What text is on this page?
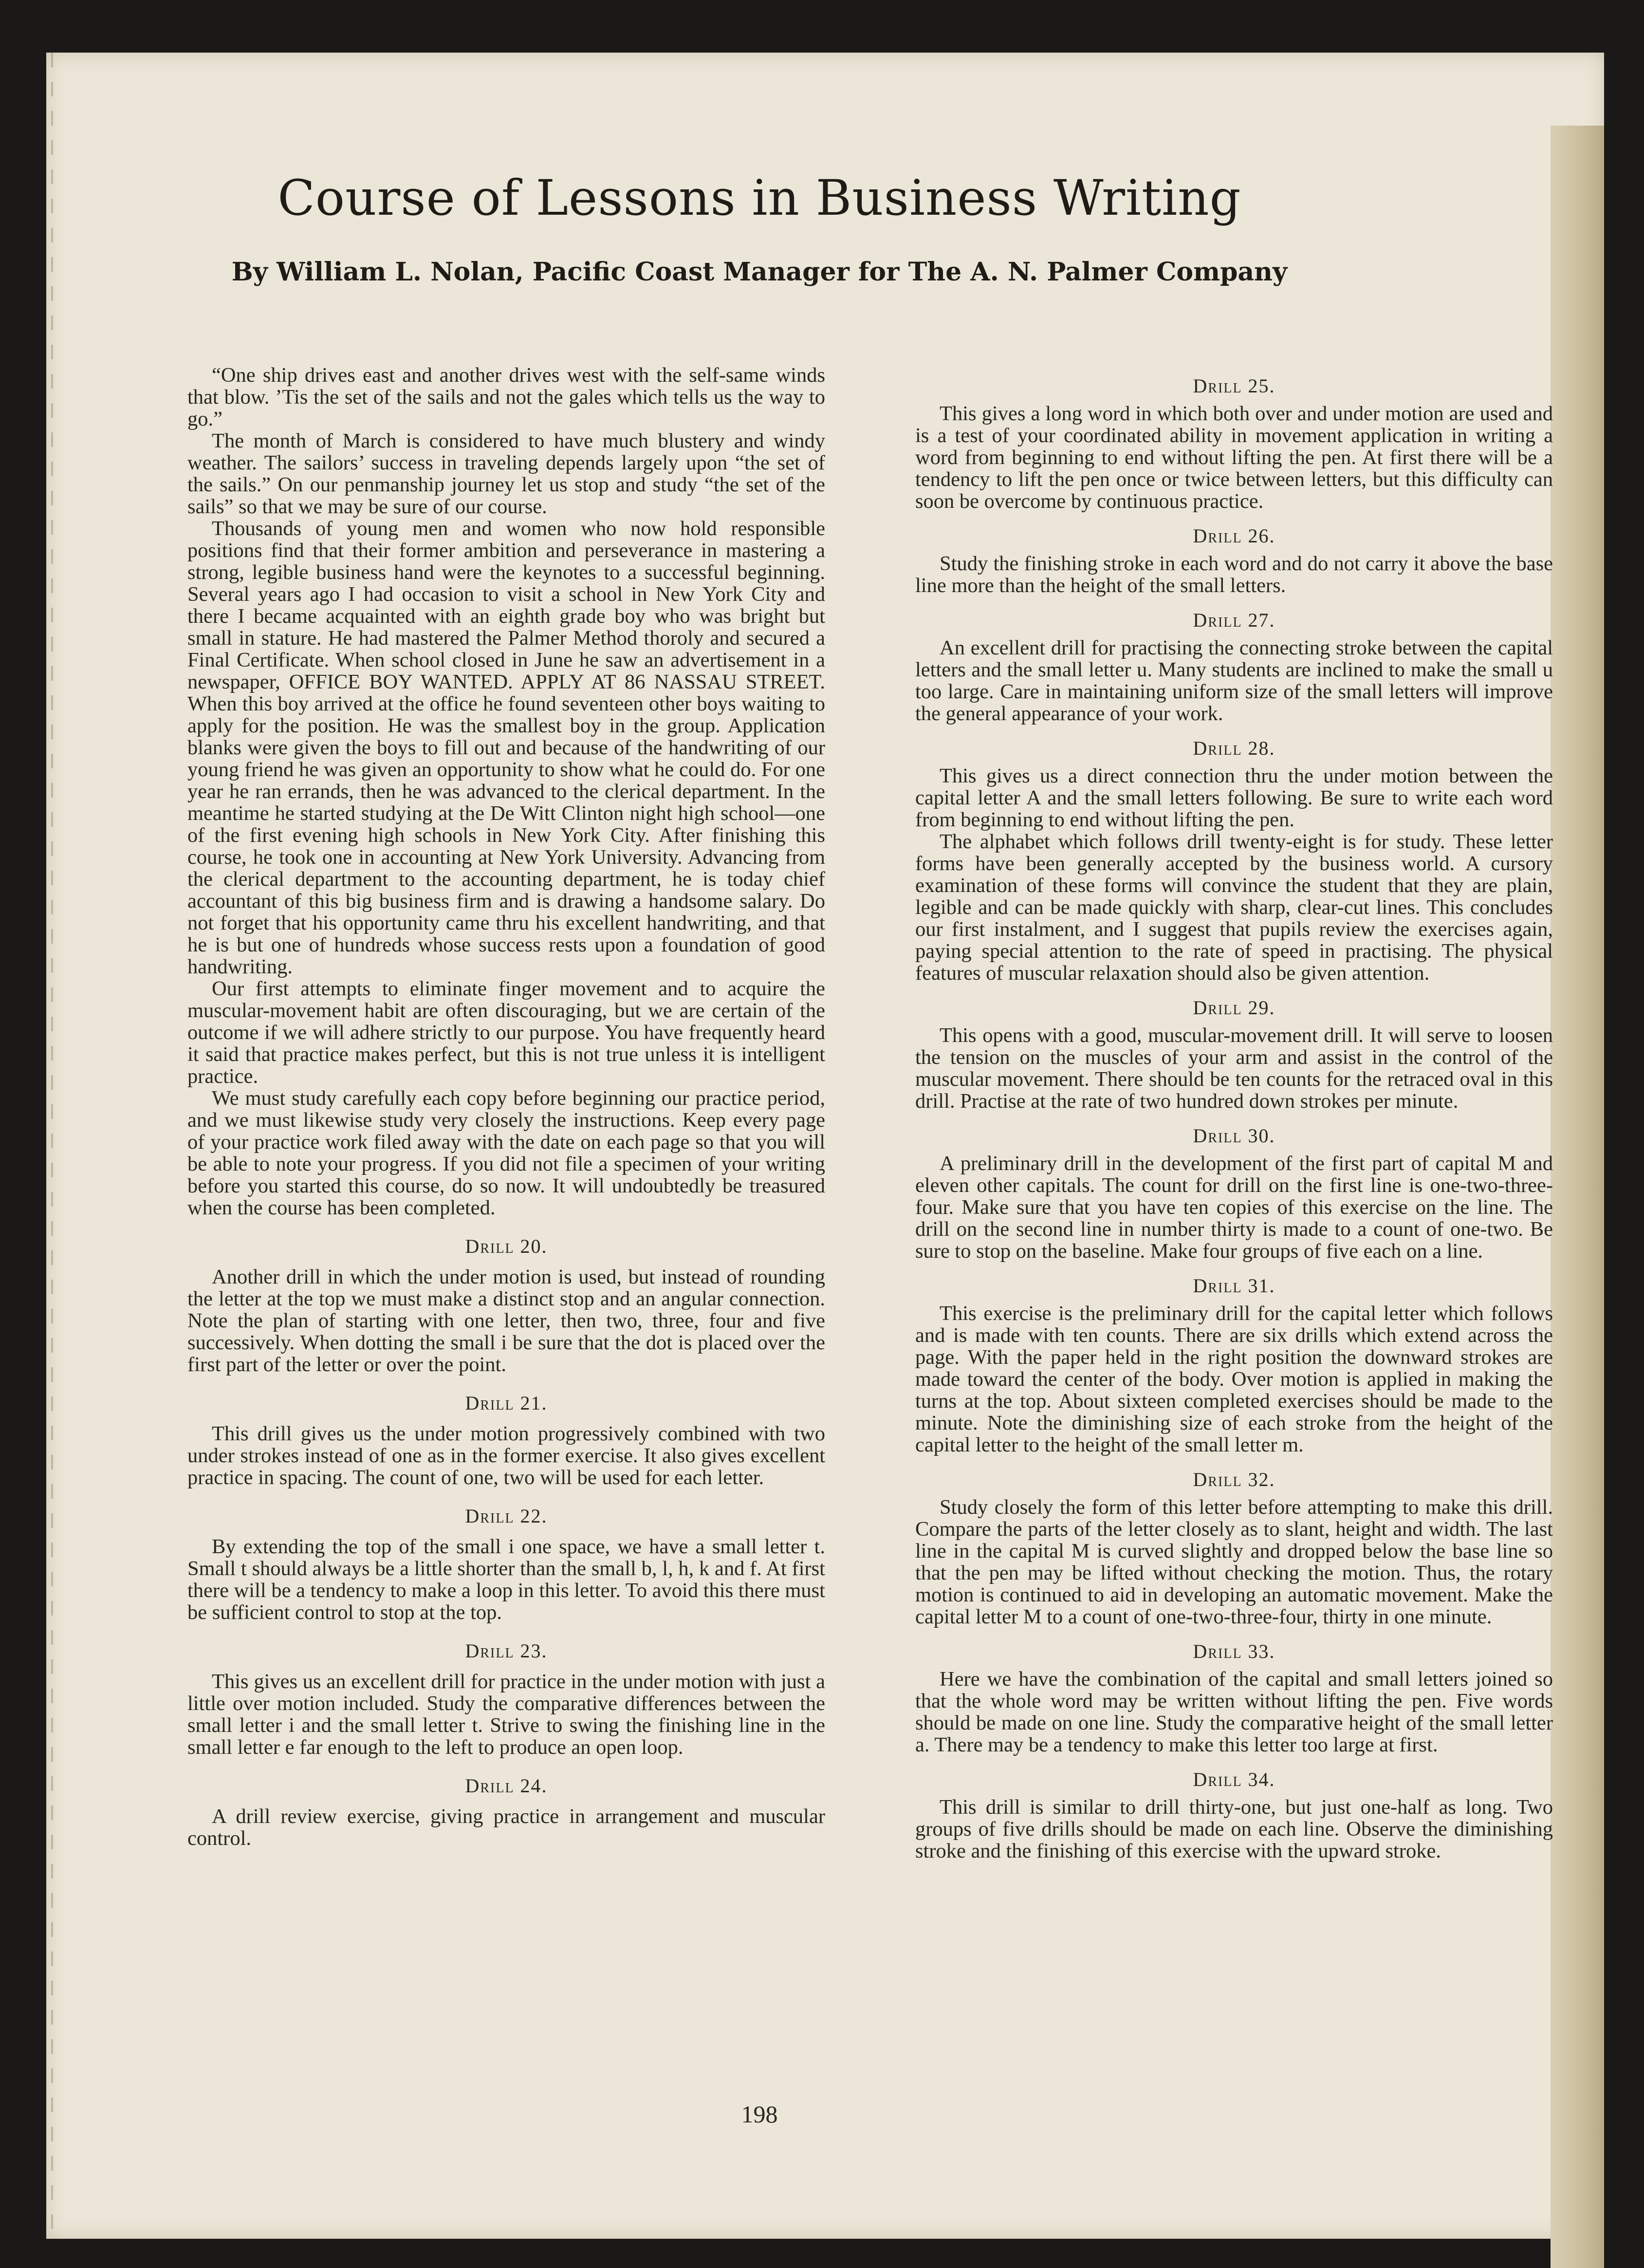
Course of Lessons in Business Writing
By William L. Nolan, Pacific Coast Manager for The A. N. Palmer Company

“One ship drives east and another drives west with the self-same winds that blow. ’Tis the set of the sails and not the gales which tells us the way to go.”

The month of March is considered to have much blustery and windy weather. The sailors’ success in traveling depends largely upon “the set of the sails.” On our penmanship journey let us stop and study “the set of the sails” so that we may be sure of our course.

Thousands of young men and women who now hold responsible positions find that their former ambition and perseverance in mastering a strong, legible business hand were the keynotes to a successful beginning. Several years ago I had occasion to visit a school in New York City and there I became acquainted with an eighth grade boy who was bright but small in stature. He had mastered the Palmer Method thoroly and secured a Final Certificate. When school closed in June he saw an advertisement in a newspaper, OFFICE BOY WANTED. APPLY AT 86 NASSAU STREET. When this boy arrived at the office he found seventeen other boys waiting to apply for the position. He was the smallest boy in the group. Application blanks were given the boys to fill out and because of the handwriting of our young friend he was given an opportunity to show what he could do. For one year he ran errands, then he was advanced to the clerical department. In the meantime he started studying at the De Witt Clinton night high school—one of the first evening high schools in New York City. After finishing this course, he took one in accounting at New York University. Advancing from the clerical department to the accounting department, he is today chief accountant of this big business firm and is drawing a handsome salary. Do not forget that his opportunity came thru his excellent handwriting, and that he is but one of hundreds whose success rests upon a foundation of good handwriting.

Our first attempts to eliminate finger movement and to acquire the muscular-movement habit are often discouraging, but we are certain of the outcome if we will adhere strictly to our purpose. You have frequently heard it said that practice makes perfect, but this is not true unless it is intelligent practice.

We must study carefully each copy before beginning our practice period, and we must likewise study very closely the instructions. Keep every page of your practice work filed away with the date on each page so that you will be able to note your progress. If you did not file a specimen of your writing before you started this course, do so now. It will undoubtedly be treasured when the course has been completed.

Drill 20.

Another drill in which the under motion is used, but instead of rounding the letter at the top we must make a distinct stop and an angular connection. Note the plan of starting with one letter, then two, three, four and five successively. When dotting the small i be sure that the dot is placed over the first part of the letter or over the point.

Drill 21.

This drill gives us the under motion progressively combined with two under strokes instead of one as in the former exercise. It also gives excellent practice in spacing. The count of one, two will be used for each letter.

Drill 22.

By extending the top of the small i one space, we have a small letter t. Small t should always be a little shorter than the small b, l, h, k and f. At first there will be a tendency to make a loop in this letter. To avoid this there must be sufficient control to stop at the top.

Drill 23.

This gives us an excellent drill for practice in the under motion with just a little over motion included. Study the comparative differences between the small letter i and the small letter t. Strive to swing the finishing line in the small letter e far enough to the left to produce an open loop.

Drill 24.

A drill review exercise, giving practice in arrangement and muscular control.

Drill 25.

This gives a long word in which both over and under motion are used and is a test of your coordinated ability in movement application in writing a word from beginning to end without lifting the pen. At first there will be a tendency to lift the pen once or twice between letters, but this difficulty can soon be overcome by continuous practice.

Drill 26.

Study the finishing stroke in each word and do not carry it above the base line more than the height of the small letters.

Drill 27.

An excellent drill for practising the connecting stroke between the capital letters and the small letter u. Many students are inclined to make the small u too large. Care in maintaining uniform size of the small letters will improve the general appearance of your work.

Drill 28.

This gives us a direct connection thru the under motion between the capital letter A and the small letters following. Be sure to write each word from beginning to end without lifting the pen.

The alphabet which follows drill twenty-eight is for study. These letter forms have been generally accepted by the business world. A cursory examination of these forms will convince the student that they are plain, legible and can be made quickly with sharp, clear-cut lines. This concludes our first instalment, and I suggest that pupils review the exercises again, paying special attention to the rate of speed in practising. The physical features of muscular relaxation should also be given attention.

Drill 29.

This opens with a good, muscular-movement drill. It will serve to loosen the tension on the muscles of your arm and assist in the control of the muscular movement. There should be ten counts for the retraced oval in this drill. Practise at the rate of two hundred down strokes per minute.

Drill 30.

A preliminary drill in the development of the first part of capital M and eleven other capitals. The count for drill on the first line is one-two-three-four. Make sure that you have ten copies of this exercise on the line. The drill on the second line in number thirty is made to a count of one-two. Be sure to stop on the baseline. Make four groups of five each on a line.

Drill 31.

This exercise is the preliminary drill for the capital letter which follows and is made with ten counts. There are six drills which extend across the page. With the paper held in the right position the downward strokes are made toward the center of the body. Over motion is applied in making the turns at the top. About sixteen completed exercises should be made to the minute. Note the diminishing size of each stroke from the height of the capital letter to the height of the small letter m.

Drill 32.

Study closely the form of this letter before attempting to make this drill. Compare the parts of the letter closely as to slant, height and width. The last line in the capital M is curved slightly and dropped below the base line so that the pen may be lifted without checking the motion. Thus, the rotary motion is continued to aid in developing an automatic movement. Make the capital letter M to a count of one-two-three-four, thirty in one minute.

Drill 33.

Here we have the combination of the capital and small letters joined so that the whole word may be written without lifting the pen. Five words should be made on one line. Study the comparative height of the small letter a. There may be a tendency to make this letter too large at first.

Drill 34.

This drill is similar to drill thirty-one, but just one-half as long. Two groups of five drills should be made on each line. Observe the diminishing stroke and the finishing of this exercise with the upward stroke.

198
